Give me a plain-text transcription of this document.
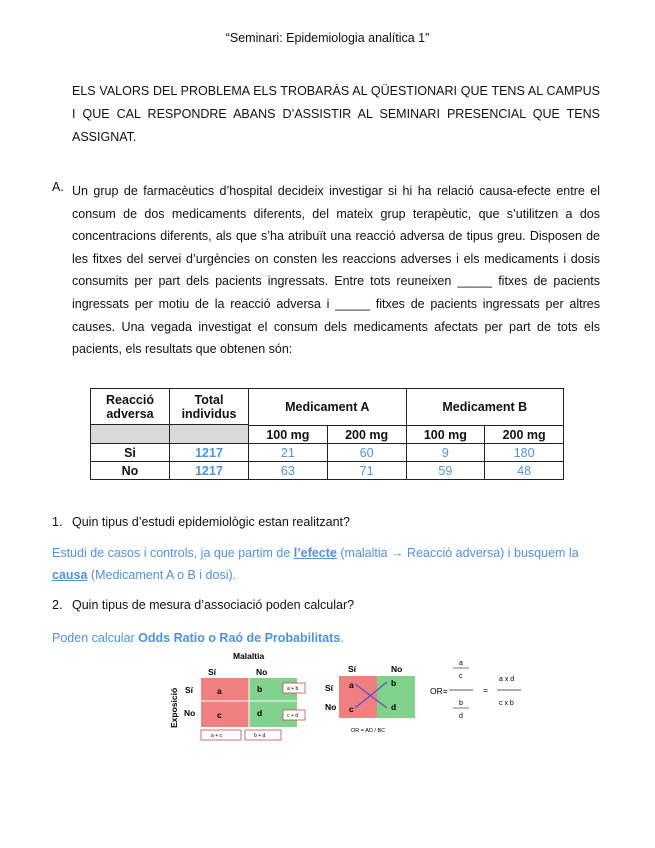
“Seminari: Epidemiologia analítica 1”
ELS VALORS DEL PROBLEMA ELS TROBARÀS AL QÜESTIONARI QUE TENS AL CAMPUS I QUE CAL RESPONDRE ABANS D’ASSISTIR AL SEMINARI PRESENCIAL QUE TENS ASSIGNAT.
A. Un grup de farmacèutics d’hospital decideix investigar si hi ha relació causa-efecte entre el consum de dos medicaments diferents, del mateix grup terapèutic, que s’utilitzen a dos concentracions diferents, als que s’ha atribuït una reacció adversa de tipus greu. Disposen de les fitxes del servei d’urgències on consten les reaccions adverses i els medicaments i dosis consumits per part dels pacients ingressats. Entre tots reuneixen _____ fitxes de pacients ingressats per motiu de la reacció adversa i _____ fitxes de pacients ingressats per altres causes. Una vegada investigat el consum dels medicaments afectats per part de tots els pacients, els resultats que obtenen són:
Reacció adversa	Total individus	Medicament A		Medicament B	

		100 mg	200 mg	100 mg	200 mg
Si	1217	21	60	9	180
No	1217	63	71	59	48
1. Quin tipus d’estudi epidemiològic estan realitzant?
Estudi de casos i controls, ja que partim de l’efecte (malaltia → Reacció adversa) i busquem la causa (Medicament A o B i dosi).
2. Quin tipus de mesura d’associació poden calcular?
Poden calcular Odds Ratio o Raó de Probabilitats.
Malaltia
Sí	No
Exposició Sí
No
a	b
c	d
a + b
c + d
a + c	b + d
Sí	No
Sí
No
a	b
c	d
OR = AD / BC
OR=
a
c
b
d
=
a x d
c x b
